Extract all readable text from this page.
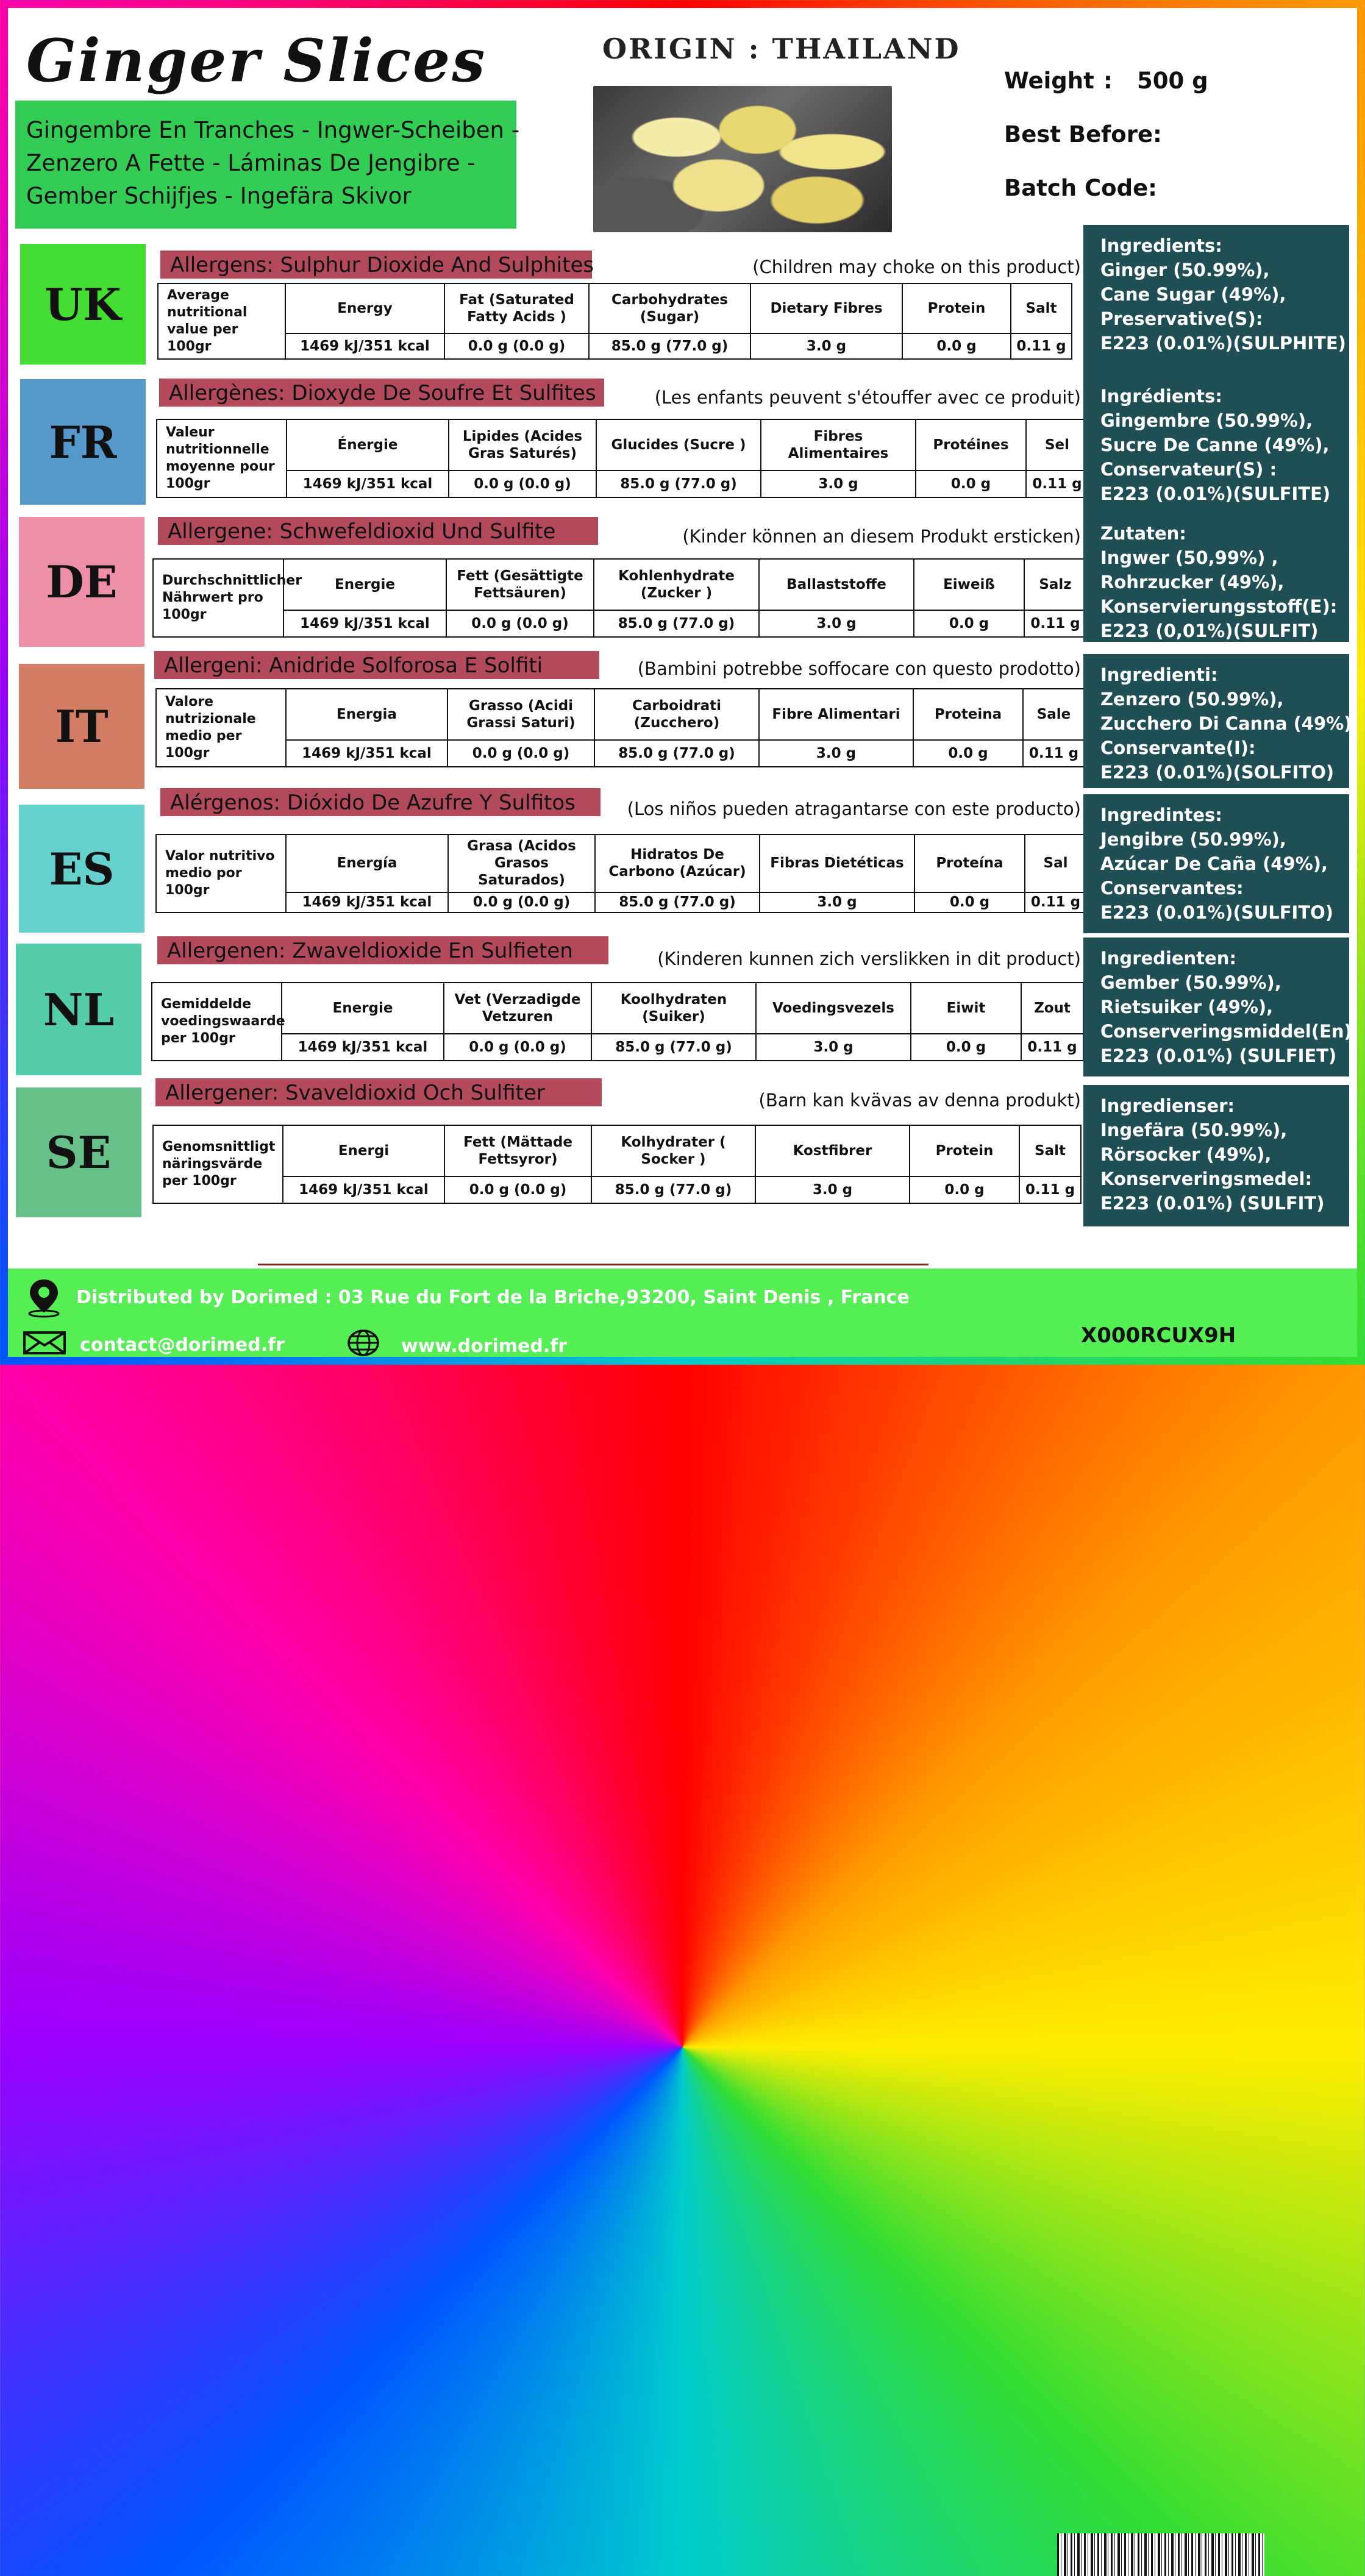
Ginger Slices	ORIGIN : THAILAND
Gingembre En Tranches - Ingwer-Scheiben -
Zenzero A Fette - Láminas De Jengibre -
Gember Schijfjes - Ingefära Skivor
Weight : 500 g
Best Before:
Batch Code:
UK
Allergens: Sulphur Dioxide And Sulphites	(Children may choke on this product)
Average nutritional value per 100gr	Energy	Fat (Saturated Fatty Acids )	Carbohydrates (Sugar)	Dietary Fibres	Protein	Salt
	1469 kJ/351 kcal	0.0 g (0.0 g)	85.0 g (77.0 g)	3.0 g	0.0 g	0.11 g
Ingredients:
Ginger (50.99%),
Cane Sugar (49%),
Preservative(S):
E223 (0.01%)(SULPHITE)
FR
Allergènes: Dioxyde De Soufre Et Sulfites	(Les enfants peuvent s'étouffer avec ce produit)
Valeur nutritionnelle moyenne pour 100gr	Énergie	Lipides (Acides Gras Saturés)	Glucides (Sucre )	Fibres Alimentaires	Protéines	Sel
	1469 kJ/351 kcal	0.0 g (0.0 g)	85.0 g (77.0 g)	3.0 g	0.0 g	0.11 g
Ingrédients:
Gingembre (50.99%),
Sucre De Canne (49%),
Conservateur(S) :
E223 (0.01%)(SULFITE)
DE
Allergene: Schwefeldioxid Und Sulfite	(Kinder können an diesem Produkt ersticken)
Durchschnittlicher Nährwert pro 100gr	Energie	Fett (Gesättigte Fettsäuren)	Kohlenhydrate (Zucker )	Ballaststoffe	Eiweiß	Salz
	1469 kJ/351 kcal	0.0 g (0.0 g)	85.0 g (77.0 g)	3.0 g	0.0 g	0.11 g
Zutaten:
Ingwer (50,99%) ,
Rohrzucker (49%),
Konservierungsstoff(E):
E223 (0,01%)(SULFIT)
IT
Allergeni: Anidride Solforosa E Solfiti	(Bambini potrebbe soffocare con questo prodotto)
Valore nutrizionale medio per 100gr	Energia	Grasso (Acidi Grassi Saturi)	Carboidrati (Zucchero)	Fibre Alimentari	Proteina	Sale
	1469 kJ/351 kcal	0.0 g (0.0 g)	85.0 g (77.0 g)	3.0 g	0.0 g	0.11 g
Ingredienti:
Zenzero (50.99%),
Zucchero Di Canna (49%),
Conservante(I):
E223 (0.01%)(SOLFITO)
ES
Alérgenos: Dióxido De Azufre Y Sulfitos	(Los niños pueden atragantarse con este producto)
Valor nutritivo medio por 100gr	Energía	Grasa (Acidos Grasos Saturados)	Hidratos De Carbono (Azúcar)	Fibras Dietéticas	Proteína	Sal
	1469 kJ/351 kcal	0.0 g (0.0 g)	85.0 g (77.0 g)	3.0 g	0.0 g	0.11 g
Ingredintes:
Jengibre (50.99%),
Azúcar De Caña (49%),
Conservantes:
E223 (0.01%)(SULFITO)
NL
Allergenen: Zwaveldioxide En Sulfieten	(Kinderen kunnen zich verslikken in dit product)
Gemiddelde voedingswaarde per 100gr	Energie	Vet (Verzadigde Vetzuren	Koolhydraten (Suiker)	Voedingsvezels	Eiwit	Zout
	1469 kJ/351 kcal	0.0 g (0.0 g)	85.0 g (77.0 g)	3.0 g	0.0 g	0.11 g
Ingredienten:
Gember (50.99%),
Rietsuiker (49%),
Conserveringsmiddel(En):
E223 (0.01%) (SULFIET)
SE
Allergener: Svaveldioxid Och Sulfiter	(Barn kan kvävas av denna produkt)
Genomsnittligt näringsvärde per 100gr	Energi	Fett (Mättade Fettsyror)	Kolhydrater ( Socker )	Kostfibrer	Protein	Salt
	1469 kJ/351 kcal	0.0 g (0.0 g)	85.0 g (77.0 g)	3.0 g	0.0 g	0.11 g
Ingredienser:
Ingefära (50.99%),
Rörsocker (49%),
Konserveringsmedel:
E223 (0.01%) (SULFIT)
Distributed by Dorimed : 03 Rue du Fort de la Briche,93200, Saint Denis , France
contact@dorimed.fr	www.dorimed.fr	X000RCUX9H
